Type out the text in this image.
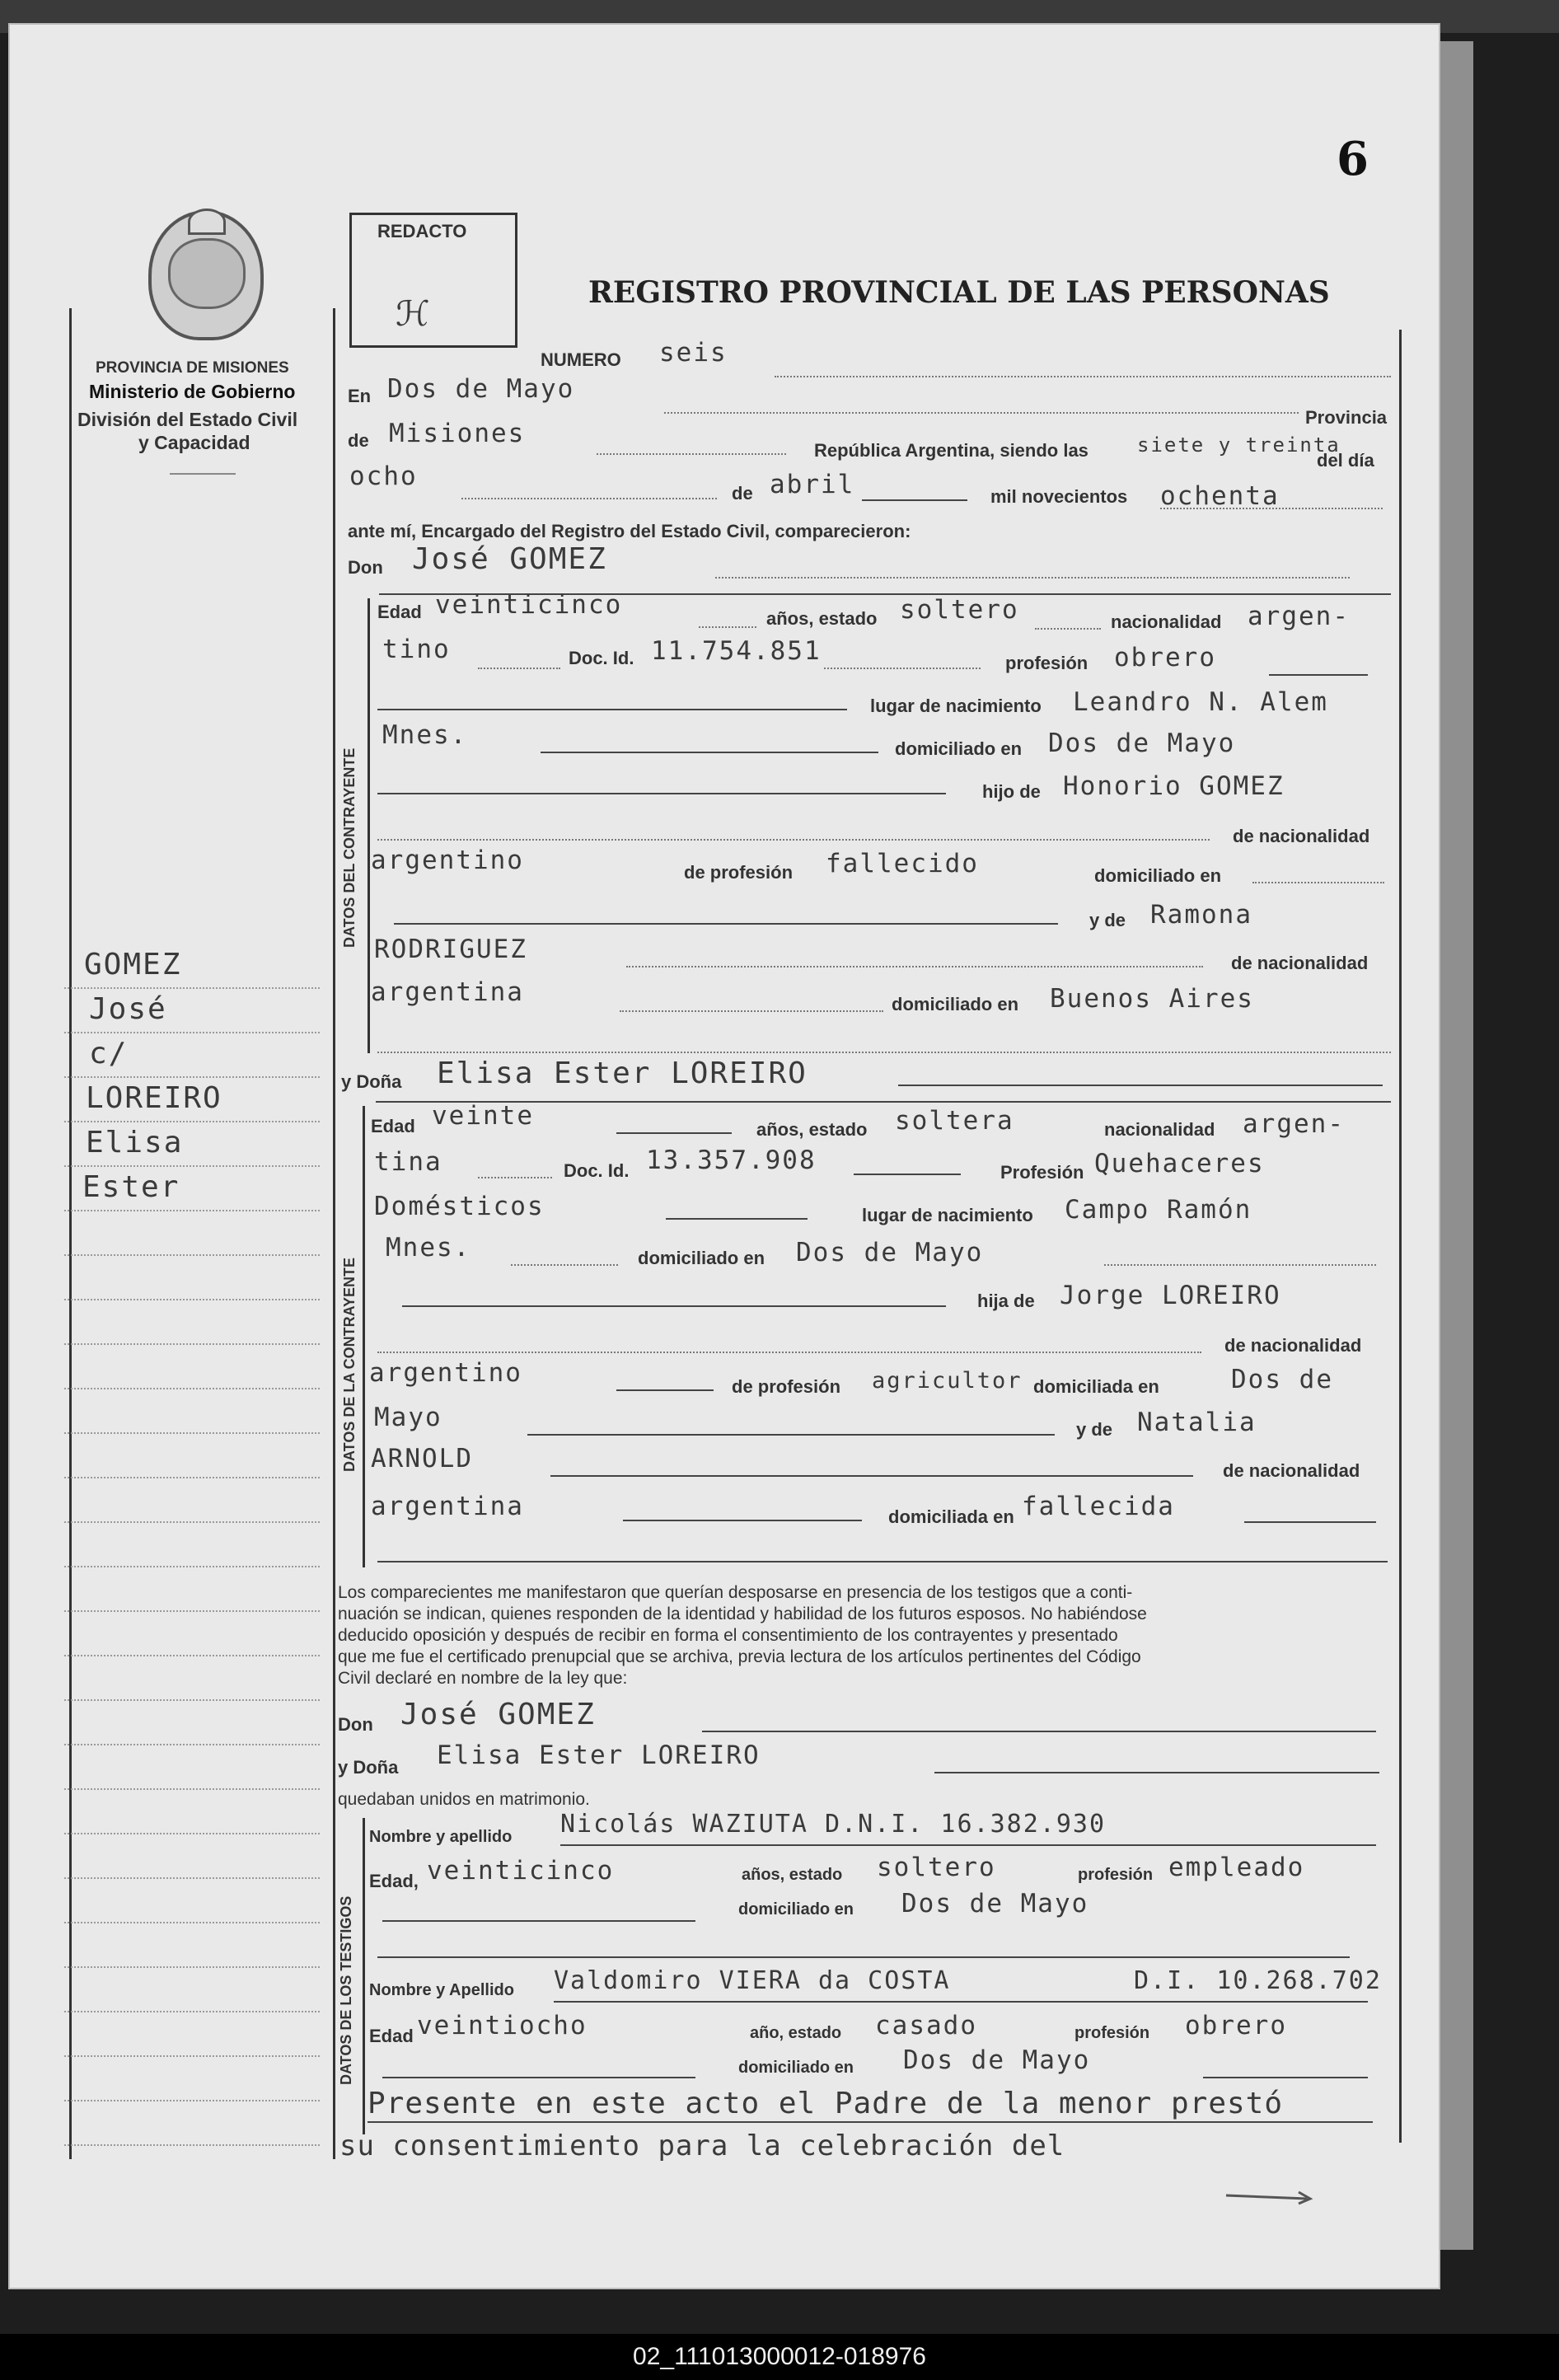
6
PROVINCIA DE MISIONES
Ministerio de Gobierno
División del Estado Civil
y Capacidad
REDACTO
ℋ
REGISTRO PROVINCIAL DE LAS PERSONAS
GOMEZ
José
c/
LOREIRO
Elisa
Ester
NUMERO seis
En Dos de Mayo
Provincia
de Misiones
República Argentina, siendo las siete y treinta
del día
ocho
de abril	mil novecientos ochenta
ante mí, Encargado del Registro del Estado Civil, comparecieron:
Don José GOMEZ
DATOS DEL CONTRAYENTE
Edad veinticinco	años, estado soltero	nacionalidad argen-
tino	Doc. Id. 11.754.851	profesión obrero
lugar de nacimiento Leandro N. Alem
Mnes.	domiciliado en Dos de Mayo
hijo de Honorio GOMEZ
de nacionalidad
argentino	de profesión fallecido	domiciliado en
y de Ramona
RODRIGUEZ	de nacionalidad
argentina	domiciliado en Buenos Aires
y Doña Elisa Ester LOREIRO
DATOS DE LA CONTRAYENTE
Edad veinte	años, estado soltera	nacionalidad argen-
tina	Doc. Id. 13.357.908	Profesión Quehaceres
Domésticos	lugar de nacimiento Campo Ramón
Mnes.	domiciliado en Dos de Mayo
hija de Jorge LOREIRO
de nacionalidad
argentino	de profesión agricultor domiciliada en	Dos de
Mayo	y de Natalia
ARNOLD	de nacionalidad
argentina	domiciliada en fallecida
Los comparecientes me manifestaron que querían desposarse en presencia de los testigos que a conti-
nuación se indican, quienes responden de la identidad y habilidad de los futuros esposos. No habiéndose
deducido oposición y después de recibir en forma el consentimiento de los contrayentes y presentado
que me fue el certificado prenupcial que se archiva, previa lectura de los artículos pertinentes del Código
Civil declaré en nombre de la ley que:
Don José GOMEZ
y Doña Elisa Ester LOREIRO
quedaban unidos en matrimonio.
DATOS DE LOS TESTIGOS
Nombre y apellido Nicolás WAZIUTA D.N.I. 16.382.930
Edad, veinticinco	años, estado soltero	profesión empleado
domiciliado en Dos de Mayo
Nombre y Apellido Valdomiro VIERA da COSTA	D.I. 10.268.702
Edad veintiocho	año, estado casado	profesión obrero
domiciliado en Dos de Mayo
Presente en este acto el Padre de la menor prestó
su consentimiento para la celebración del
02_111013000012-018976
